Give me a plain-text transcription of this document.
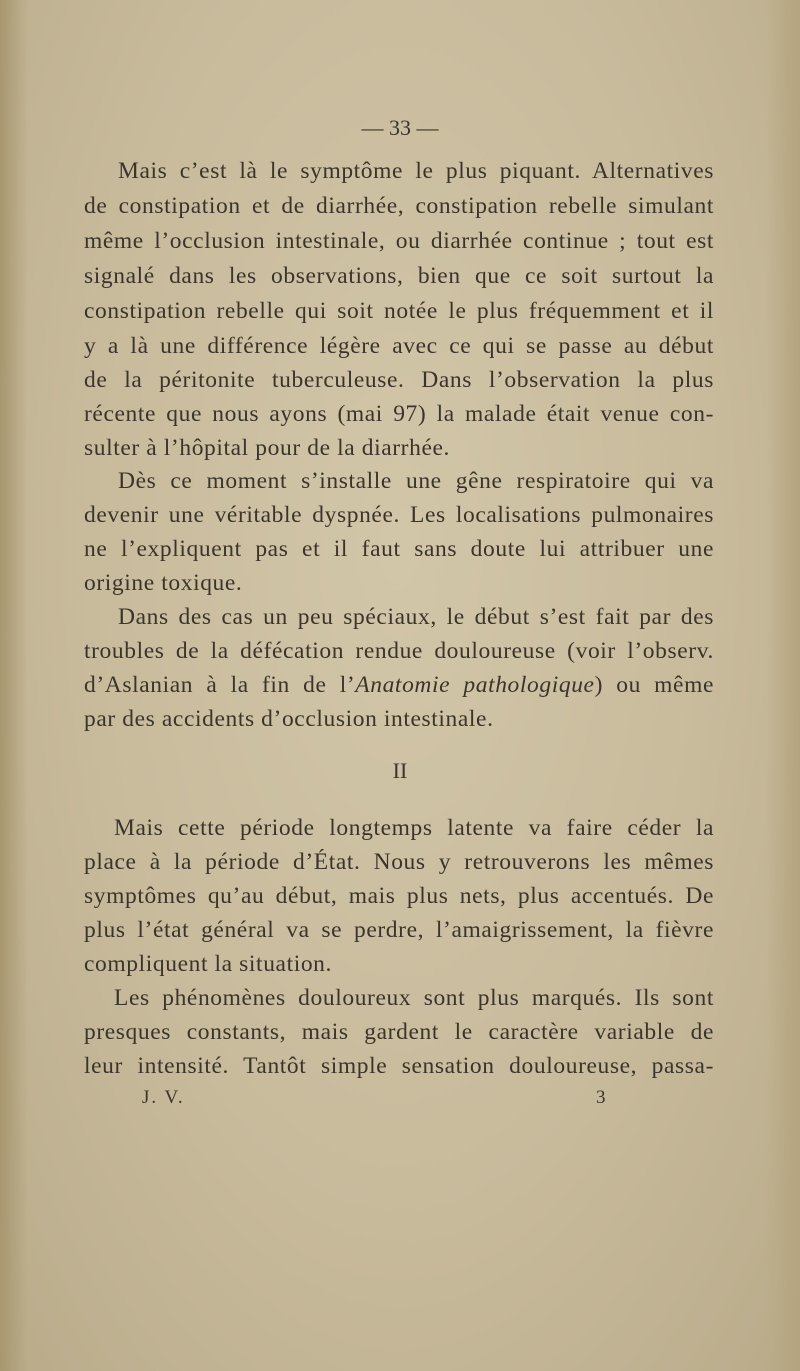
— 33 —
Mais c’est là le symptôme le plus piquant. Alternatives
de constipation et de diarrhée, constipation rebelle simulant
même l’occlusion intestinale, ou diarrhée continue ; tout est
signalé dans les observations, bien que ce soit surtout la
constipation rebelle qui soit notée le plus fréquemment et il
y a là une différence légère avec ce qui se passe au début
de la péritonite tuberculeuse. Dans l’observation la plus
récente que nous ayons (mai 97) la malade était venue con-
sulter à l’hôpital pour de la diarrhée.
Dès ce moment s’installe une gêne respiratoire qui va
devenir une véritable dyspnée. Les localisations pulmonaires
ne l’expliquent pas et il faut sans doute lui attribuer une
origine toxique.
Dans des cas un peu spéciaux, le début s’est fait par des
troubles de la défécation rendue douloureuse (voir l’observ.
d’Aslanian à la fin de l’Anatomie pathologique) ou même
par des accidents d’occlusion intestinale.
II
Mais cette période longtemps latente va faire céder la
place à la période d’État. Nous y retrouverons les mêmes
symptômes qu’au début, mais plus nets, plus accentués. De
plus l’état général va se perdre, l’amaigrissement, la fièvre
compliquent la situation.
Les phénomènes douloureux sont plus marqués. Ils sont
presques constants, mais gardent le caractère variable de
leur intensité. Tantôt simple sensation douloureuse, passa-
J. V.	3
